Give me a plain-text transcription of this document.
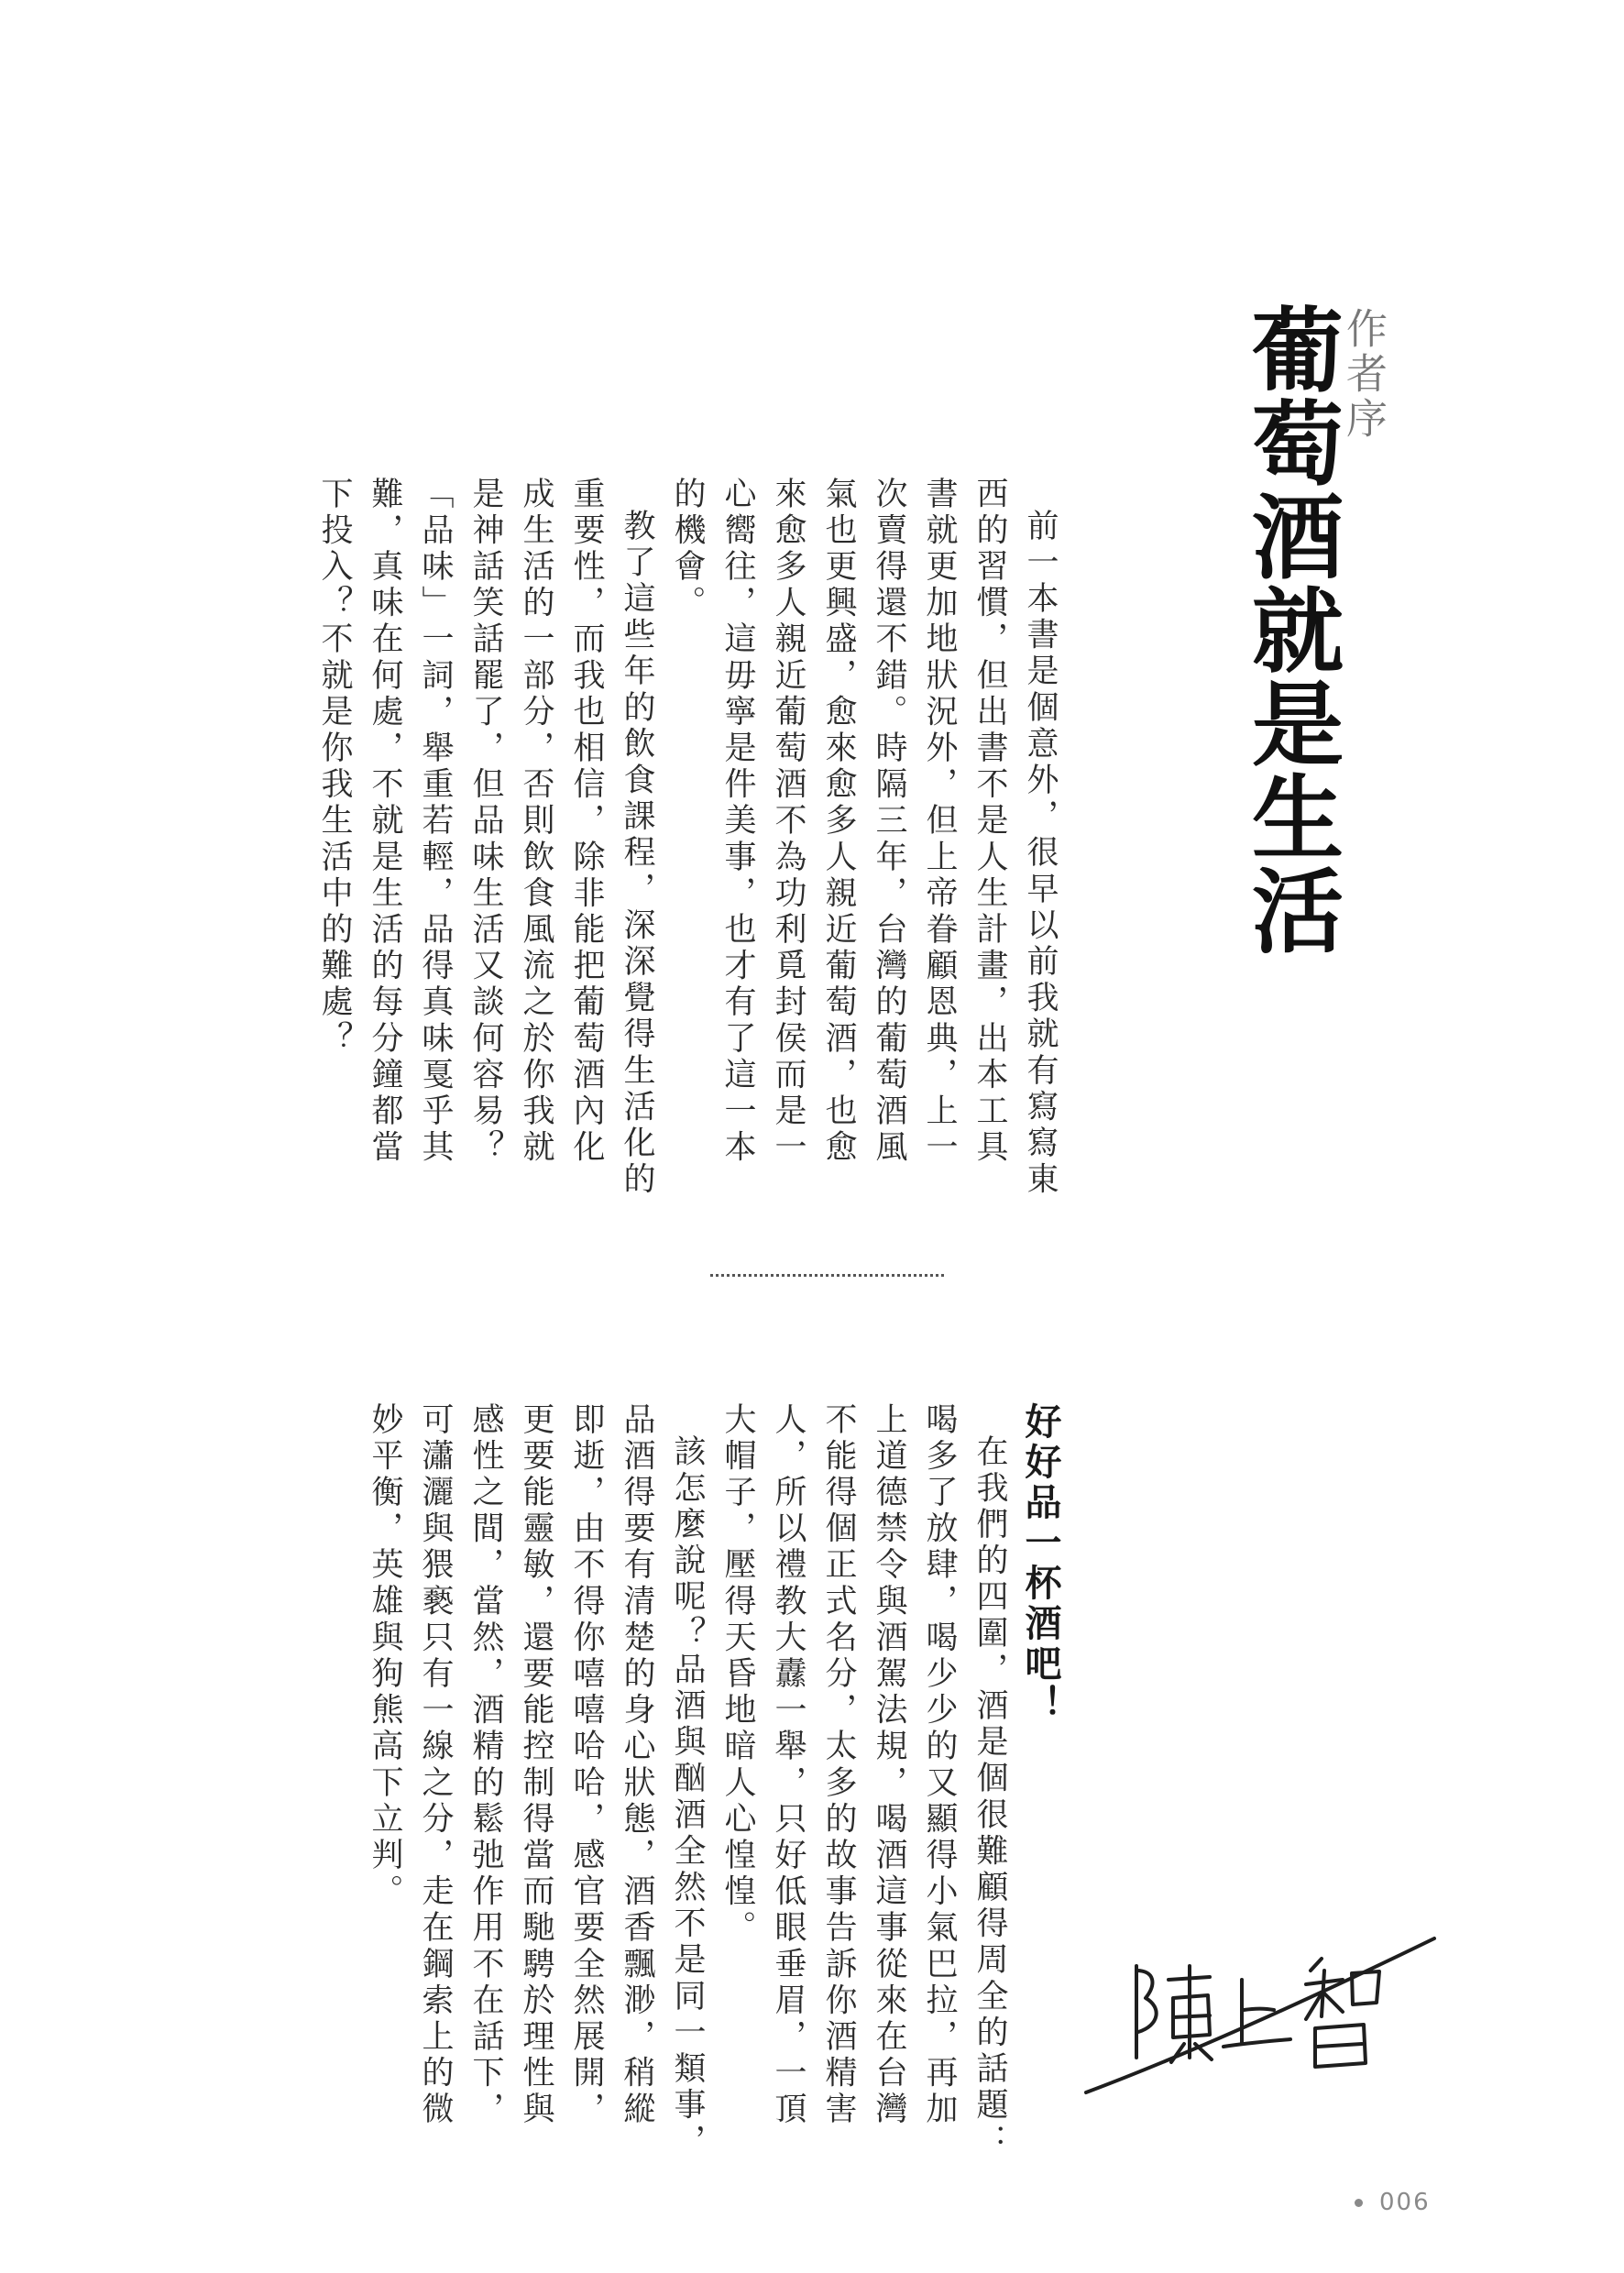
作者序
葡萄酒就是生活

前一本書是個意外，很早以前我就有寫寫東西的習慣，但出書不是人生計畫，出本工具書就更加地狀況外，但上帝眷顧恩典，上一次賣得還不錯。時隔三年，台灣的葡萄酒風氣也更興盛，愈來愈多人親近葡萄酒，也愈來愈多人親近葡萄酒不為功利覓封侯而是一心嚮往，這毋寧是件美事，也才有了這一本的機會。

教了這些年的飲食課程，深深覺得生活化的重要性，而我也相信，除非能把葡萄酒內化成生活的一部分，否則飲食風流之於你我就是神話笑話罷了，但品味生活又談何容易？「品味」一詞，舉重若輕，品得真味戛乎其難，真味在何處，不就是生活的每分鐘都當下投入？不就是你我生活中的難處？

好好品一杯酒吧！

在我們的四圍，酒是個很難顧得周全的話題：喝多了放肆，喝少少的又顯得小氣巴拉，再加上道德禁令與酒駕法規，喝酒這事從來在台灣不能得個正式名分，太多的故事告訴你酒精害人，所以禮教大纛一舉，只好低眼垂眉，一頂大帽子，壓得天昏地暗人心惶惶。

該怎麼說呢？品酒與酗酒全然不是同一類事，品酒得要有清楚的身心狀態，酒香飄渺，稍縱即逝，由不得你嘻嘻哈哈，感官要全然展開，更要能靈敏，還要能控制得當而馳騁於理性與感性之間，當然，酒精的鬆弛作用不在話下，可瀟灑與猥褻只有一線之分，走在鋼索上的微妙平衡，英雄與狗熊高下立判。

006
